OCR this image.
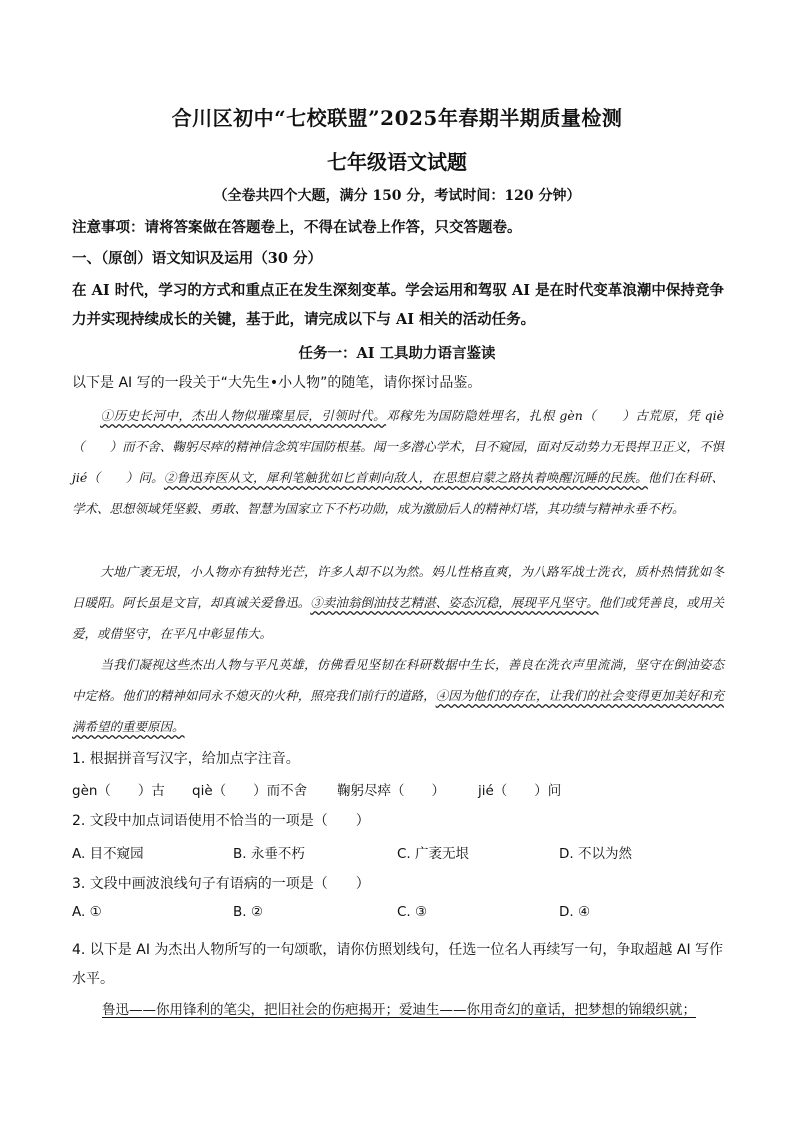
合川区初中“七校联盟”2025年春期半期质量检测
七年级语文试题
（全卷共四个大题，满分 150 分，考试时间：120 分钟）
注意事项：请将答案做在答题卷上，不得在试卷上作答，只交答题卷。
一、（原创）语文知识及运用（30 分）
在 AI 时代，学习的方式和重点正在发生深刻变革。学会运用和驾驭 AI 是在时代变革浪潮中保持竞争力并实现持续成长的关键，基于此，请完成以下与 AI 相关的活动任务。
任务一：AI 工具助力语言鉴读
以下是 AI 写的一段关于“大先生•小人物”的随笔，请你探讨品鉴。
①历史长河中，杰出人物似璀璨星辰，引领时代。邓稼先为国防隐姓埋名，扎根 gèn（　　）古荒原，凭 qiè（　　）而不舍、鞠躬尽瘁的精神信念筑牢国防根基。闻一多潜心学术，目不窥园，面对反动势力无畏捍卫正义，不惧 jié（　　）问。②鲁迅弃医从文，犀利笔触犹如匕首刺向敌人，在思想启蒙之路执着唤醒沉睡的民族。他们在科研、学术、思想领域凭坚毅、勇敢、智慧为国家立下不朽功勋，成为激励后人的精神灯塔，其功绩与精神永垂不朽。
大地广袤无垠，小人物亦有独特光芒，许多人却不以为然。妈儿性格直爽，为八路军战士洗衣，质朴热情犹如冬日暖阳。阿长虽是文盲，却真诚关爱鲁迅。③卖油翁倒油技艺精湛、姿态沉稳，展现平凡坚守。他们或凭善良，或用关爱，或借坚守，在平凡中彰显伟大。
当我们凝视这些杰出人物与平凡英雄，仿佛看见坚韧在科研数据中生长，善良在洗衣声里流淌，坚守在倒油姿态中定格。他们的精神如同永不熄灭的火种，照亮我们前行的道路，④因为他们的存在，让我们的社会变得更加美好和充满希望的重要原因。
1. 根据拼音写汉字，给加点字注音。
gèn（　　）古 qiè（　　）而不舍 鞠躬尽瘁（　　） jié（　　）问
2. 文段中加点词语使用不恰当的一项是（　　）
A. 目不窥园	B. 永垂不朽	C. 广袤无垠	D. 不以为然
3. 文段中画波浪线句子有语病的一项是（　　）
A. ①	B. ②	C. ③	D. ④
4. 以下是 AI 为杰出人物所写的一句颂歌，请你仿照划线句，任选一位名人再续写一句，争取超越 AI 写作水平。
鲁迅——你用锋利的笔尖，把旧社会的伤疤揭开；爱迪生——你用奇幻的童话，把梦想的锦缎织就；
